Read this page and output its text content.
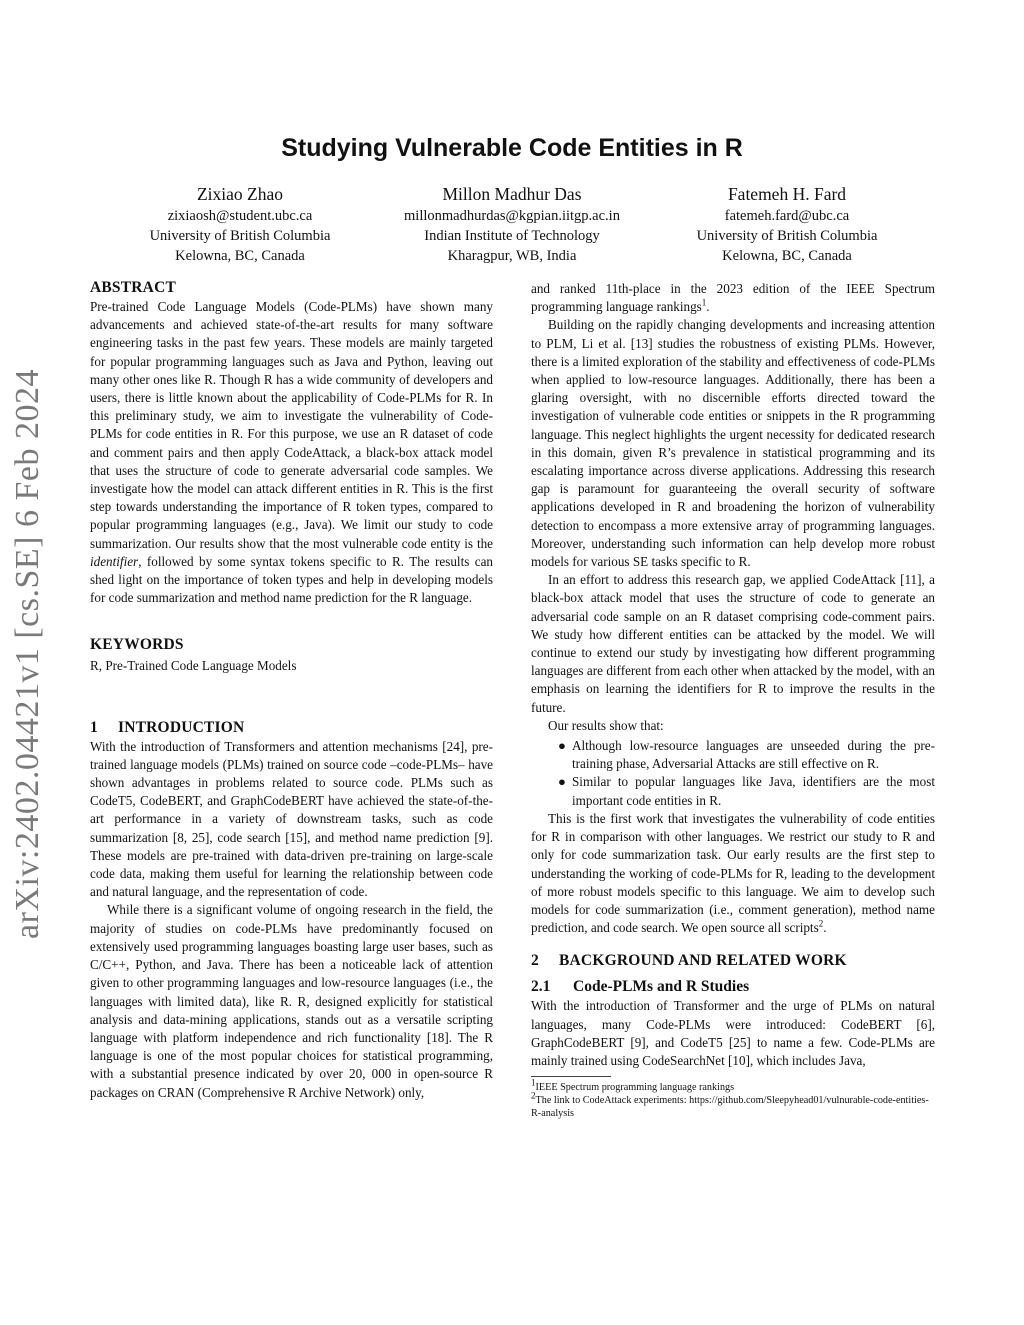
arXiv:2402.04421v1 [cs.SE] 6 Feb 2024
Studying Vulnerable Code Entities in R
Zixiao Zhao
zixiaosh@student.ubc.ca
University of British Columbia
Kelowna, BC, Canada
Millon Madhur Das
millonmadhurdas@kgpian.iitgp.ac.in
Indian Institute of Technology
Kharagpur, WB, India
Fatemeh H. Fard
fatemeh.fard@ubc.ca
University of British Columbia
Kelowna, BC, Canada
ABSTRACT

Pre-trained Code Language Models (Code-PLMs) have shown many advancements and achieved state-of-the-art results for many software engineering tasks in the past few years. These models are mainly targeted for popular programming languages such as Java and Python, leaving out many other ones like R. Though R has a wide community of developers and users, there is little known about the applicability of Code-PLMs for R. In this preliminary study, we aim to investigate the vulnerability of Code-PLMs for code entities in R. For this purpose, we use an R dataset of code and comment pairs and then apply CodeAttack, a black-box attack model that uses the structure of code to generate adversarial code samples. We investigate how the model can attack different entities in R. This is the first step towards understanding the importance of R token types, compared to popular programming languages (e.g., Java). We limit our study to code summarization. Our results show that the most vulnerable code entity is the identifier, followed by some syntax tokens specific to R. The results can shed light on the importance of token types and help in developing models for code summarization and method name prediction for the R language.

KEYWORDS

R, Pre-Trained Code Language Models

1 INTRODUCTION

With the introduction of Transformers and attention mechanisms [24], pre-trained language models (PLMs) trained on source code –code-PLMs– have shown advantages in problems related to source code. PLMs such as CodeT5, CodeBERT, and GraphCodeBERT have achieved the state-of-the-art performance in a variety of downstream tasks, such as code summarization [8, 25], code search [15], and method name prediction [9]. These models are pre-trained with data-driven pre-training on large-scale code data, making them useful for learning the relationship between code and natural language, and the representation of code.

While there is a significant volume of ongoing research in the field, the majority of studies on code-PLMs have predominantly focused on extensively used programming languages boasting large user bases, such as C/C++, Python, and Java. There has been a noticeable lack of attention given to other programming languages and low-resource languages (i.e., the languages with limited data), like R. R, designed explicitly for statistical analysis and data-mining applications, stands out as a versatile scripting language with platform independence and rich functionality [18]. The R language is one of the most popular choices for statistical programming, with a substantial presence indicated by over 20, 000 in open-source R packages on CRAN (Comprehensive R Archive Network) only,

and ranked 11th-place in the 2023 edition of the IEEE Spectrum programming language rankings$^1$.

Building on the rapidly changing developments and increasing attention to PLM, Li et al. [13] studies the robustness of existing PLMs. However, there is a limited exploration of the stability and effectiveness of code-PLMs when applied to low-resource languages. Additionally, there has been a glaring oversight, with no discernible efforts directed toward the investigation of vulnerable code entities or snippets in the R programming language. This neglect highlights the urgent necessity for dedicated research in this domain, given R’s prevalence in statistical programming and its escalating importance across diverse applications. Addressing this research gap is paramount for guaranteeing the overall security of software applications developed in R and broadening the horizon of vulnerability detection to encompass a more extensive array of programming languages. Moreover, understanding such information can help develop more robust models for various SE tasks specific to R.

In an effort to address this research gap, we applied CodeAttack [11], a black-box attack model that uses the structure of code to generate an adversarial code sample on an R dataset comprising code-comment pairs. We study how different entities can be attacked by the model. We will continue to extend our study by investigating how different programming languages are different from each other when attacked by the model, with an emphasis on learning the identifiers for R to improve the results in the future.

Our results show that:

● Although low-resource languages are unseeded during the pre-training phase, Adversarial Attacks are still effective on R.
● Similar to popular languages like Java, identifiers are the most important code entities in R.

This is the first work that investigates the vulnerability of code entities for R in comparison with other languages. We restrict our study to R and only for code summarization task. Our early results are the first step to understanding the working of code-PLMs for R, leading to the development of more robust models specific to this language. We aim to develop such models for code summarization (i.e., comment generation), method name prediction, and code search. We open source all scripts$^2$.

2 BACKGROUND AND RELATED WORK
2.1 Code-PLMs and R Studies

With the introduction of Transformer and the urge of PLMs on natural languages, many Code-PLMs were introduced: CodeBERT [6], GraphCodeBERT [9], and CodeT5 [25] to name a few. Code-PLMs are mainly trained using CodeSearchNet [10], which includes Java,

$^1$IEEE Spectrum programming language rankings
$^2$The link to CodeAttack experiments: https://github.com/Sleepyhead01/vulnurable-code-entities-R-analysis
